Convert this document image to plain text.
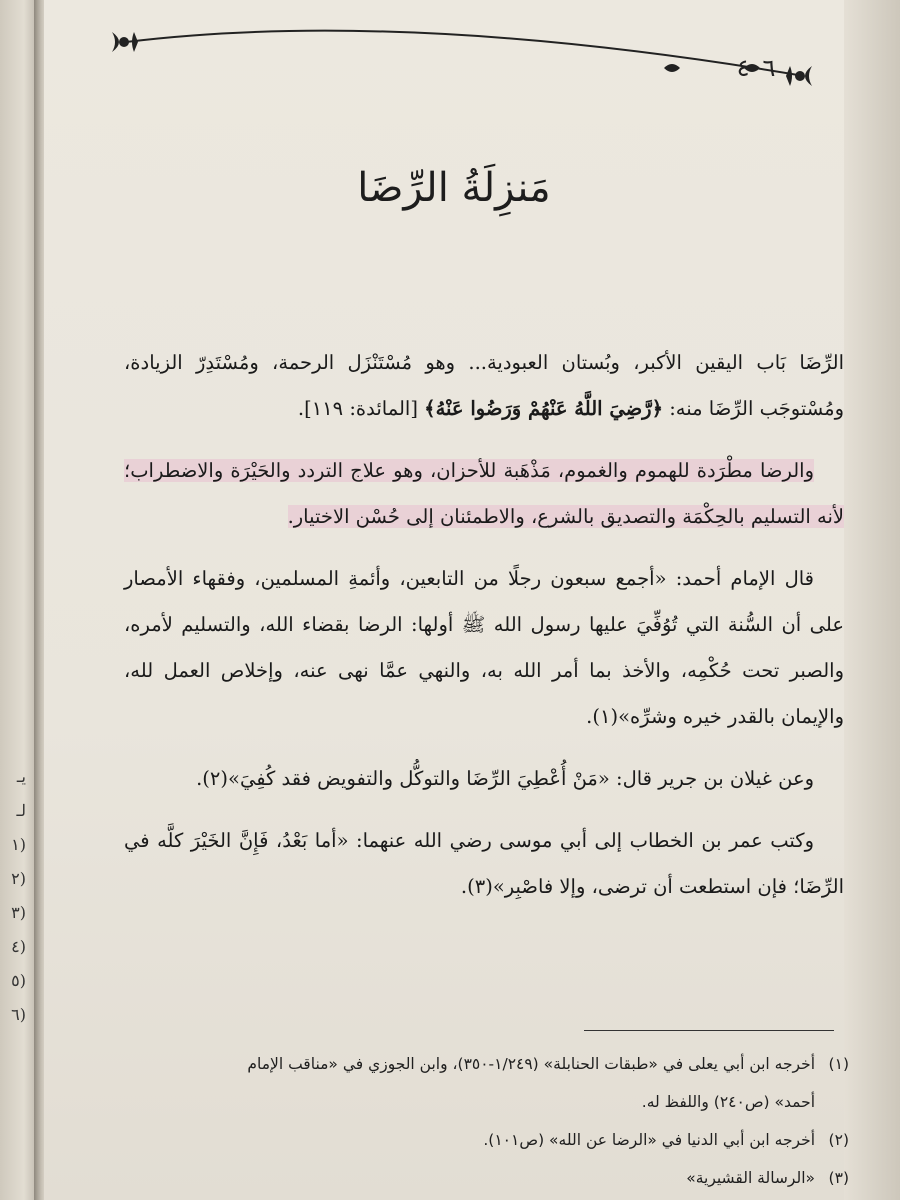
يـ
لـ
(١
(٢
(٣
(٤
(٥
(٦
٤٠٦
مَنزِلَةُ الرِّضَا

الرِّضَا بَاب اليقين الأكبر، وبُستان العبودية... وهو مُسْتَنْزَل الرحمة، ومُسْتَدِرّ الزيادة، ومُسْتوجَب الرِّضَا منه: ﴿رَّضِيَ اللَّهُ عَنْهُمْ وَرَضُوا عَنْهُ﴾ [المائدة: ١١٩].

والرضا مطْرَدة للهموم والغموم، مَذْهَبة للأحزان، وهو علاج التردد والحَيْرَة والاضطراب؛ لأنه التسليم بالحِكْمَة والتصديق بالشرع، والاطمئنان إلى حُسْن الاختيار.

قال الإمام أحمد: «أجمع سبعون رجلًا من التابعين، وأئمةِ المسلمين، وفقهاء الأمصار على أن السُّنة التي تُوُفِّيَ عليها رسول الله ﷺ أولها: الرضا بقضاء الله، والتسليم لأمره، والصبر تحت حُكْمِه، والأخذ بما أمر الله به، والنهي عمَّا نهى عنه، وإخلاص العمل لله، والإيمان بالقدر خيره وشرِّه»(١).

وعن غيلان بن جرير قال: «مَنْ أُعْطِيَ الرِّضَا والتوكُّل والتفويض فقد كُفِيَ»(٢).

وكتب عمر بن الخطاب إلى أبي موسى رضي الله عنهما: «أما بَعْدُ، فَإِنَّ الخَيْرَ كلَّه في الرِّضَا؛ فإن استطعت أن ترضى، وإلا فاصْبِر»(٣).

(١)أخرجه ابن أبي يعلى في «طبقات الحنابلة» (١/٢٤٩-٣٥٠)، وابن الجوزي في «مناقب الإمام

أحمد» (ص٢٤٠) واللفظ له.

(٢)أخرجه ابن أبي الدنيا في «الرضا عن الله» (ص١٠١).

(٣)«الرسالة القشيرية»
